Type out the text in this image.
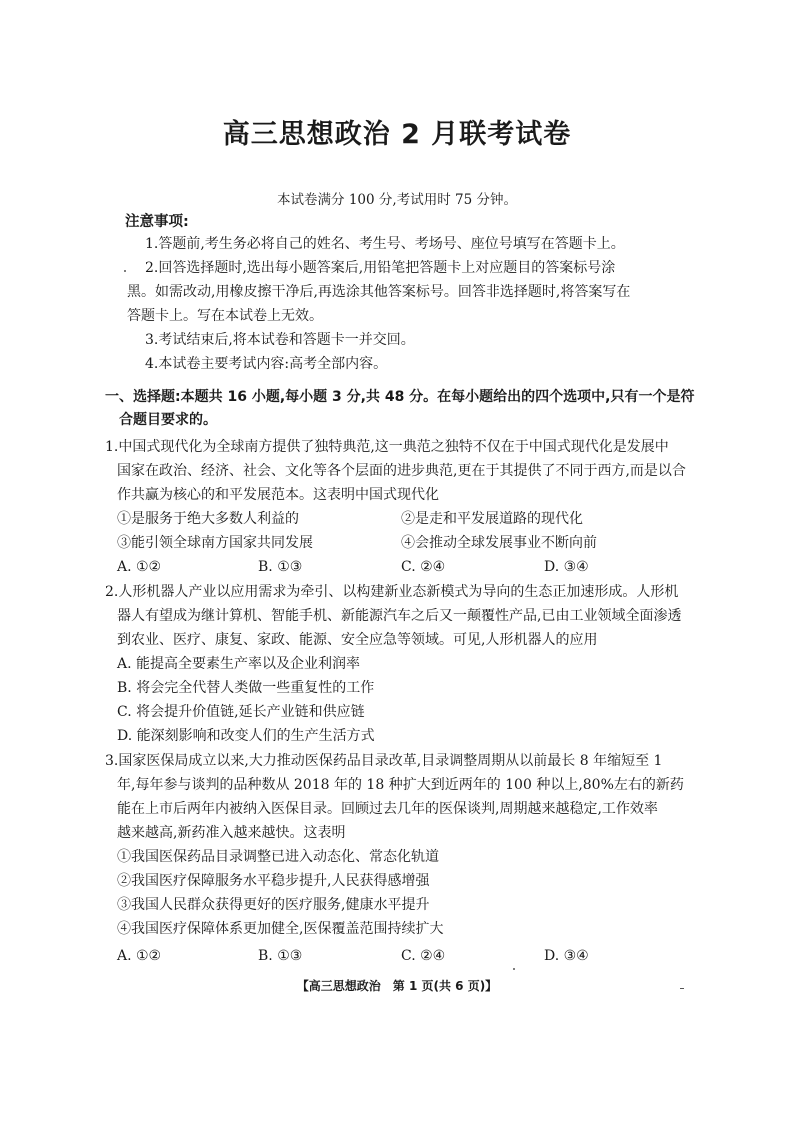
高三思想政治 2 月联考试卷
本试卷满分 100 分,考试用时 75 分钟。
注意事项:
1.答题前,考生务必将自己的姓名、考生号、考场号、座位号填写在答题卡上。
2.回答选择题时,选出每小题答案后,用铅笔把答题卡上对应题目的答案标号涂
黑。如需改动,用橡皮擦干净后,再选涂其他答案标号。回答非选择题时,将答案写在
答题卡上。写在本试卷上无效。
3.考试结束后,将本试卷和答题卡一并交回。
4.本试卷主要考试内容:高考全部内容。
一、选择题:本题共 16 小题,每小题 3 分,共 48 分。在每小题给出的四个选项中,只有一个是符
合题目要求的。
1.中国式现代化为全球南方提供了独特典范,这一典范之独特不仅在于中国式现代化是发展中
国家在政治、经济、社会、文化等各个层面的进步典范,更在于其提供了不同于西方,而是以合
作共赢为核心的和平发展范本。这表明中国式现代化
①是服务于绝大多数人利益的	②是走和平发展道路的现代化
③能引领全球南方国家共同发展	④会推动全球发展事业不断向前
A. ①②	B. ①③	C. ②④	D. ③④
2.人形机器人产业以应用需求为牵引、以构建新业态新模式为导向的生态正加速形成。人形机
器人有望成为继计算机、智能手机、新能源汽车之后又一颠覆性产品,已由工业领域全面渗透
到农业、医疗、康复、家政、能源、安全应急等领域。可见,人形机器人的应用
A. 能提高全要素生产率以及企业利润率
B. 将会完全代替人类做一些重复性的工作
C. 将会提升价值链,延长产业链和供应链
D. 能深刻影响和改变人们的生产生活方式
3.国家医保局成立以来,大力推动医保药品目录改革,目录调整周期从以前最长 8 年缩短至 1
年,每年参与谈判的品种数从 2018 年的 18 种扩大到近两年的 100 种以上,80%左右的新药
能在上市后两年内被纳入医保目录。回顾过去几年的医保谈判,周期越来越稳定,工作效率
越来越高,新药准入越来越快。这表明
①我国医保药品目录调整已进入动态化、常态化轨道
②我国医疗保障服务水平稳步提升,人民获得感增强
③我国人民群众获得更好的医疗服务,健康水平提升
④我国医疗保障体系更加健全,医保覆盖范围持续扩大
A. ①②	B. ①③	C. ②④	D. ③④
【高三思想政治　第 1 页(共 6 页)】
